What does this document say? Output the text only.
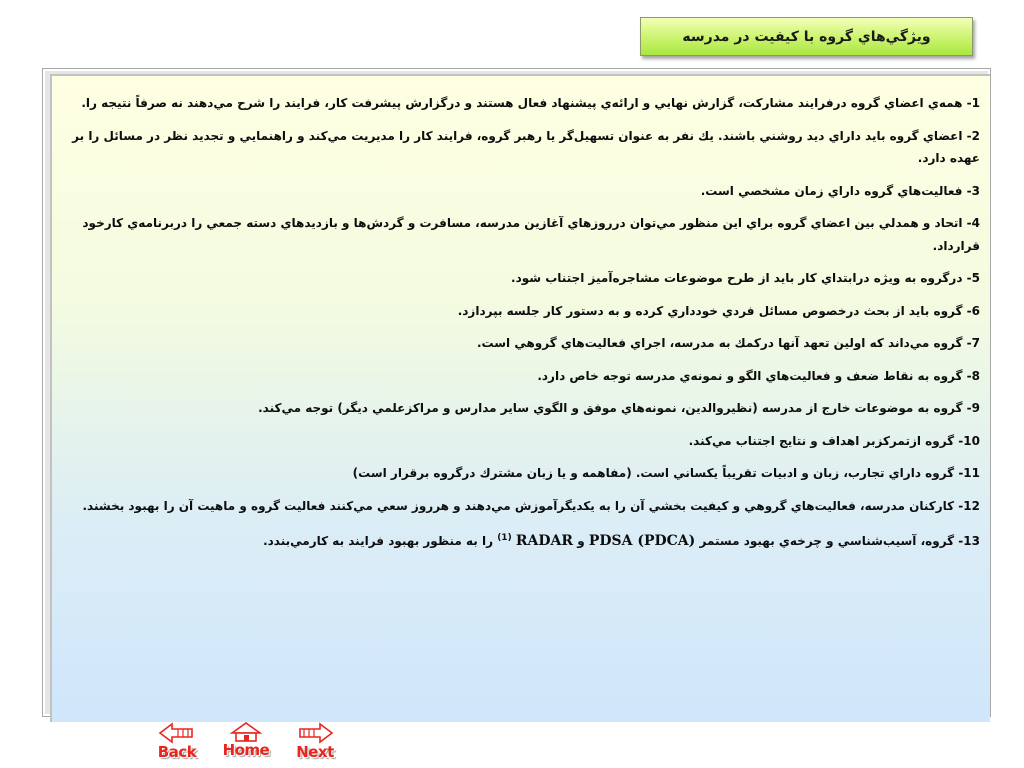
ويژگي‌هاي گروه با كيفيت در مدرسه
1- همه‌ي اعضاي گروه درفرايند مشاركت، گزارش نهايي و ارائه‌ي پيشنهاد فعال هستند و درگزارش پيشرفت كار، فرايند را شرح مي‌دهند نه صرفاً نتيجه را.
2- اعضاي گروه بايد داراي ديد روشني باشند. يك نفر به عنوان تسهيل‌گر يا رهبر گروه، فرايند كار را مديريت مي‌كند و راهنمايي و تجديد نظر در مسائل را بر عهده دارد.
3- فعاليت‌هاي گروه داراي زمان مشخصي است.
4- اتحاد و همدلي بين اعضاي گروه براي اين منظور مي‌توان درروزهاي آغازين مدرسه، مسافرت و گردش‌ها و بازديدهاي دسته جمعي را دربرنامه‌ي كارخود قرارداد.
5- درگروه به ويژه درابتداي كار بايد از طرح موضوعات مشاجره‌آميز اجتناب شود.
6- گروه بايد از بحث درخصوص مسائل فردي خودداري كرده و به دستور كار جلسه بپردازد.
7- گروه مي‌داند كه اولين تعهد آنها دركمك به مدرسه، اجراي فعاليت‌هاي گروهي است.
8- گروه به نقاط ضعف و فعاليت‌هاي الگو و نمونه‌ي مدرسه توجه خاص دارد.
9- گروه به موضوعات خارج از مدرسه (نظيروالدين، نمونه‌هاي موفق و الگوي ساير مدارس و مراكزعلمي ديگر) توجه مي‌كند.
10- گروه ازتمركزبر اهداف و نتايج اجتناب مي‌كند.
11- گروه داراي تجارب، زبان و ادبيات تقريباً يكساني است. (مفاهمه و يا زبان مشترك درگروه برقرار است)
12- كاركنان مدرسه، فعاليت‌هاي گروهي و كيفيت بخشي آن را به يكديگرآموزش مي‌دهند و هرروز سعي مي‌كنند فعاليت گروه و ماهيت آن را بهبود بخشند.
13- گروه، آسيب‌شناسي و چرخه‌ي بهبود مستمر PDSA (PDCA) و RADAR $^{(1)}$ را به منظور بهبود فرايند به كارمي‌بندد.
Back Home Next
